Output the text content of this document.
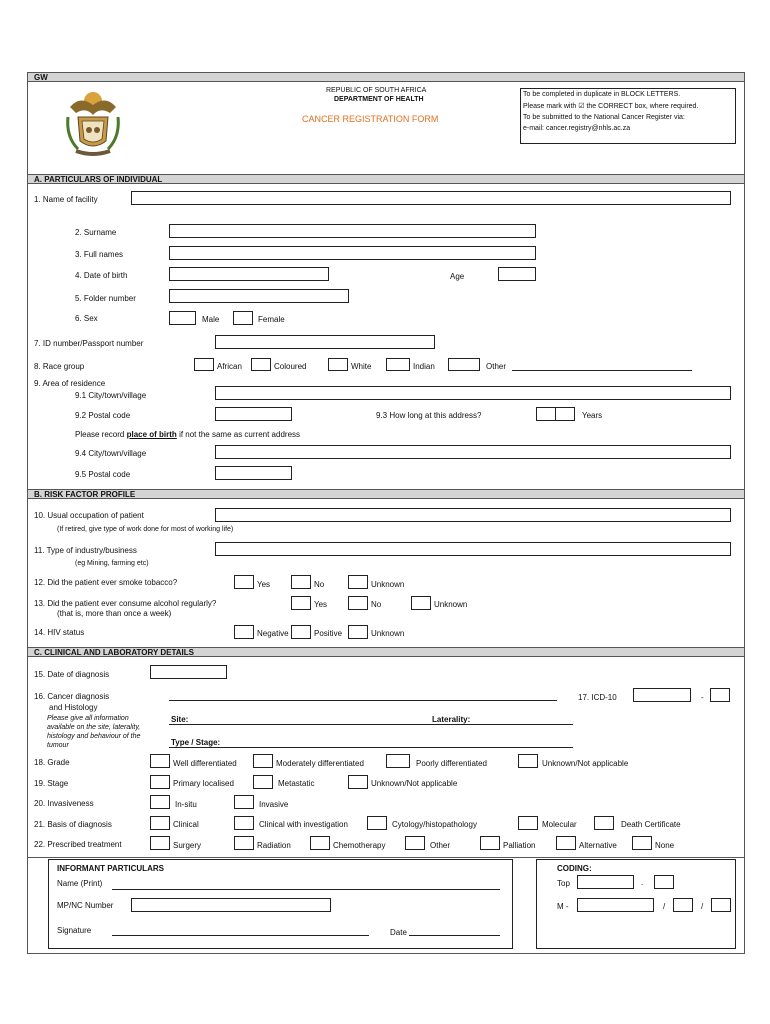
GW
REPUBLIC OF SOUTH AFRICA
DEPARTMENT OF HEALTH
CANCER REGISTRATION FORM
To be completed in duplicate in BLOCK LETTERS.
Please mark with ☑ the CORRECT box, where required.
To be submitted to the National Cancer Register via:
e-mail: cancer.registry@nhls.ac.za
A. PARTICULARS OF INDIVIDUAL
1. Name of facility
2. Surname
3. Full names
4. Date of birth	Age
5. Folder number
6. Sex	Male	Female
7. ID number/Passport number
8. Race group	African	Coloured	White	Indian	Other
9. Area of residence
9.1 City/town/village
9.2 Postal code	9.3 How long at this address?	Years
Please record place of birth if not the same as current address
9.4 City/town/village
9.5 Postal code
B. RISK FACTOR PROFILE
10. Usual occupation of patient
(If retired, give type of work done for most of working life)
11. Type of industry/business
(eg Mining, farming etc)
12. Did the patient ever smoke tobacco?	Yes	No	Unknown
13. Did the patient ever consume alcohol regularly?
(that is, more than once a week)
Yes	No	Unknown
14. HIV status	Negative	Positive	Unknown
C. CLINICAL AND LABORATORY DETAILS
15. Date of diagnosis
16. Cancer diagnosis
and Histology
17. ICD-10	-
Please give all information
available on the site, laterality,
histology and behaviour of the
tumour
Site:	Laterality:
Type / Stage:
18. Grade	Well differentiated	Moderately differentiated	Poorly differentiated	Unknown/Not applicable
19. Stage	Primary localised	Metastatic	Unknown/Not applicable
20. Invasiveness	In-situ	Invasive
21. Basis of diagnosis	Clinical	Clinical with investigation	Cytology/histopathology	Molecular	Death Certificate
22. Prescribed treatment	Surgery	Radiation	Chemotherapy	Other	Palliation	Alternative	None
INFORMANT PARTICULARS
Name (Print)
MP/NC Number
Signature	Date
CODING:
Top	.
M -	/	/
